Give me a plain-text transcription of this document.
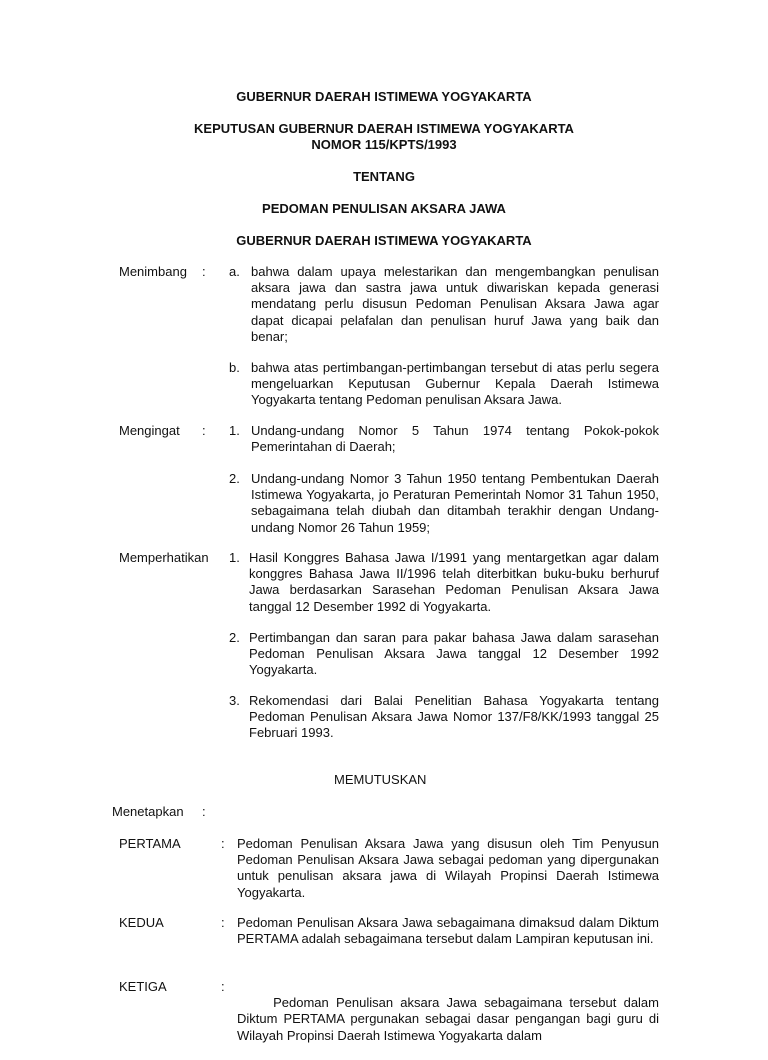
GUBERNUR DAERAH ISTIMEWA YOGYAKARTA
KEPUTUSAN GUBERNUR DAERAH ISTIMEWA YOGYAKARTA
NOMOR 115/KPTS/1993
TENTANG
PEDOMAN PENULISAN AKSARA JAWA
GUBERNUR DAERAH ISTIMEWA YOGYAKARTA
Menimbang : a. bahwa dalam upaya melestarikan dan mengembangkan penulisan aksara jawa dan sastra jawa untuk diwariskan kepada generasi mendatang perlu disusun Pedoman Penulisan Aksara Jawa agar dapat dicapai pelafalan dan penulisan huruf Jawa yang baik dan benar;
b. bahwa atas pertimbangan-pertimbangan tersebut di atas perlu segera mengeluarkan Keputusan Gubernur Kepala Daerah Istimewa Yogyakarta tentang Pedoman penulisan Aksara Jawa.
Mengingat : 1. Undang-undang Nomor 5 Tahun 1974 tentang Pokok-pokok Pemerintahan di Daerah;
2. Undang-undang Nomor 3 Tahun 1950 tentang Pembentukan Daerah Istimewa Yogyakarta, jo Peraturan Pemerintah Nomor 31 Tahun 1950, sebagaimana telah diubah dan ditambah terakhir dengan Undang-undang Nomor 26 Tahun 1959;
Memperhatikan 1. Hasil Konggres Bahasa Jawa I/1991 yang mentargetkan agar dalam konggres Bahasa Jawa II/1996 telah diterbitkan buku-buku berhuruf Jawa berdasarkan Sarasehan Pedoman Penulisan Aksara Jawa tanggal 12 Desember 1992 di Yogyakarta.
2. Pertimbangan dan saran para pakar bahasa Jawa dalam sarasehan Pedoman Penulisan Aksara Jawa tanggal 12 Desember 1992 Yogyakarta.
3. Rekomendasi dari Balai Penelitian Bahasa Yogyakarta tentang Pedoman Penulisan Aksara Jawa Nomor 137/F8/KK/1993 tanggal 25 Februari 1993.
MEMUTUSKAN
Menetapkan :
PERTAMA	: Pedoman Penulisan Aksara Jawa yang disusun oleh Tim Penyusun Pedoman Penulisan Aksara Jawa sebagai pedoman yang dipergunakan untuk penulisan aksara jawa di Wilayah Propinsi Daerah Istimewa Yogyakarta.
KEDUA	: Pedoman Penulisan Aksara Jawa sebagaimana dimaksud dalam Diktum PERTAMA adalah sebagaimana tersebut dalam Lampiran keputusan ini.
KETIGA	:

Pedoman Penulisan aksara Jawa sebagaimana tersebut dalam Diktum PERTAMA pergunakan sebagai dasar pengangan bagi guru di Wilayah Propinsi Daerah Istimewa Yogyakarta dalam
